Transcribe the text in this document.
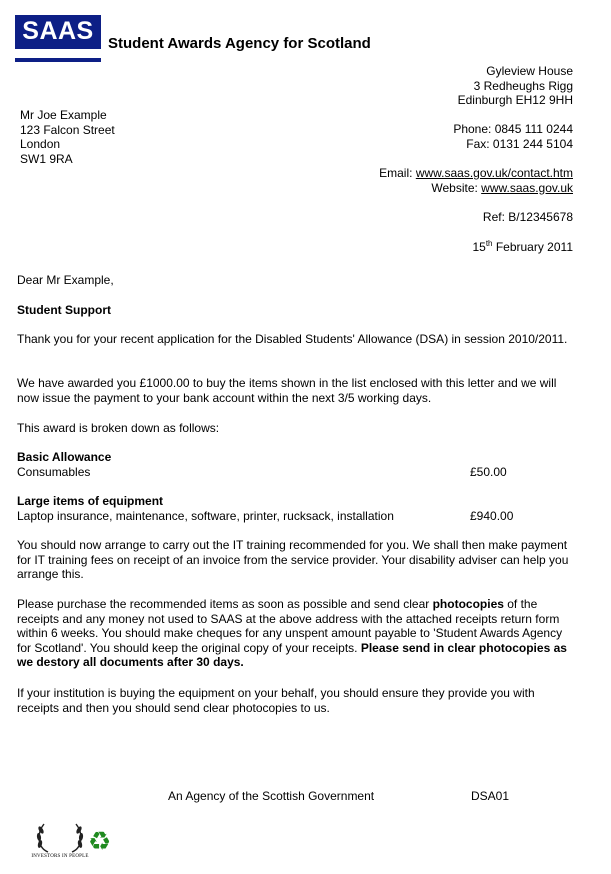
SAAS Student Awards Agency for Scotland
Gyleview House
3 Redheughs Rigg
Edinburgh EH12 9HH
Mr Joe Example
123 Falcon Street
London
SW1 9RA
Phone: 0845 111 0244
Fax: 0131 244 5104
Email: www.saas.gov.uk/contact.htm
Website: www.saas.gov.uk
Ref: B/12345678
15th February 2011
Dear Mr Example,
Student Support
Thank you for your recent application for the Disabled Students' Allowance (DSA) in session 2010/2011.
We have awarded you £1000.00 to buy the items shown in the list enclosed with this letter and we will now issue the payment to your bank account within the next 3/5 working days.
This award is broken down as follows:
Basic Allowance
Consumables	£50.00
Large items of equipment
Laptop insurance, maintenance, software, printer, rucksack, installation	£940.00
You should now arrange to carry out the IT training recommended for you. We shall then make payment for IT training fees on receipt of an invoice from the service provider. Your disability adviser can help you arrange this.
Please purchase the recommended items as soon as possible and send clear photocopies of the receipts and any money not used to SAAS at the above address with the attached receipts return form within 6 weeks. You should make cheques for any unspent amount payable to 'Student Awards Agency for Scotland'. You should keep the original copy of your receipts. Please send in clear photocopies as we destory all documents after 30 days.
If your institution is buying the equipment on your behalf, you should ensure they provide you with receipts and then you should send clear photocopies to us.
An Agency of the Scottish Government	DSA01
INVESTORS IN PEOPLE
♻
